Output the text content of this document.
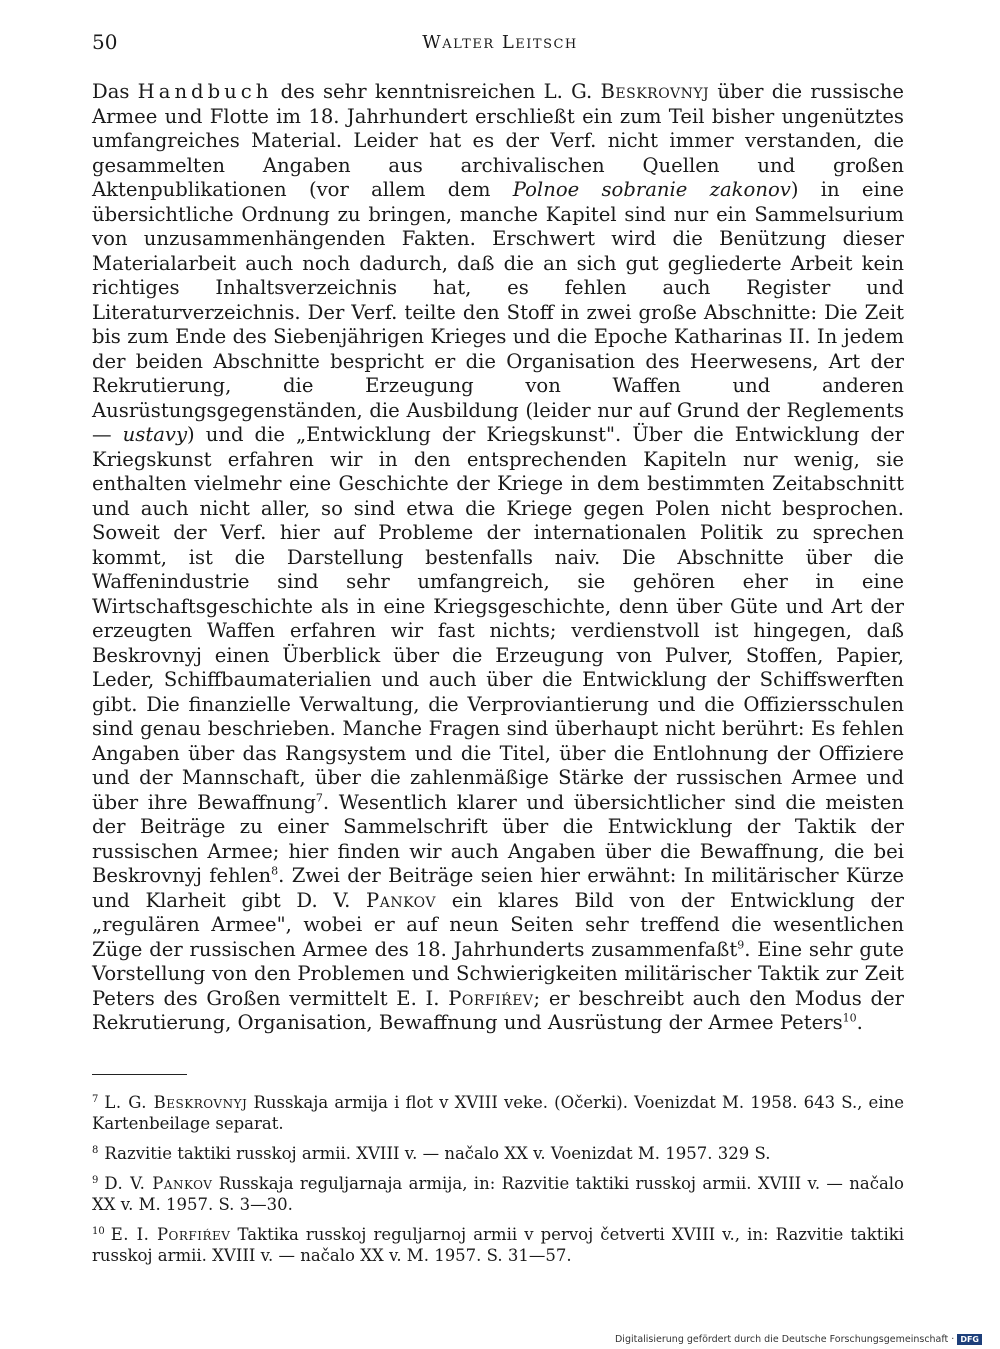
50	Walter Leitsch

Das Handbuch des sehr kenntnisreichen L. G. Beskrovnyj über die russische Armee und Flotte im 18. Jahrhundert erschließt ein zum Teil bisher ungenütztes umfangreiches Material. Leider hat es der Verf. nicht immer verstanden, die gesammelten Angaben aus archivalischen Quellen und großen Aktenpublikationen (vor allem dem Polnoe sobranie zakonov) in eine übersichtliche Ordnung zu bringen, manche Kapitel sind nur ein Sammelsurium von unzusammenhängenden Fakten. Erschwert wird die Benützung dieser Materialarbeit auch noch dadurch, daß die an sich gut gegliederte Arbeit kein richtiges Inhaltsverzeichnis hat, es fehlen auch Register und Literaturverzeichnis. Der Verf. teilte den Stoff in zwei große Abschnitte: Die Zeit bis zum Ende des Siebenjährigen Krieges und die Epoche Katharinas II. In jedem der beiden Abschnitte bespricht er die Organisation des Heerwesens, Art der Rekrutierung, die Erzeugung von Waffen und anderen Ausrüstungsgegenständen, die Ausbildung (leider nur auf Grund der Reglements — ustavy) und die „Entwicklung der Kriegskunst". Über die Entwicklung der Kriegskunst erfahren wir in den entsprechenden Kapiteln nur wenig, sie enthalten vielmehr eine Geschichte der Kriege in dem bestimmten Zeitabschnitt und auch nicht aller, so sind etwa die Kriege gegen Polen nicht besprochen. Soweit der Verf. hier auf Probleme der internationalen Politik zu sprechen kommt, ist die Darstellung bestenfalls naiv. Die Abschnitte über die Waffenindustrie sind sehr umfangreich, sie gehören eher in eine Wirtschaftsgeschichte als in eine Kriegsgeschichte, denn über Güte und Art der erzeugten Waffen erfahren wir fast nichts; verdienstvoll ist hingegen, daß Beskrovnyj einen Überblick über die Erzeugung von Pulver, Stoffen, Papier, Leder, Schiffbaumaterialien und auch über die Entwicklung der Schiffswerften gibt. Die finanzielle Verwaltung, die Verproviantierung und die Offiziersschulen sind genau beschrieben. Manche Fragen sind überhaupt nicht berührt: Es fehlen Angaben über das Rangsystem und die Titel, über die Entlohnung der Offiziere und der Mannschaft, über die zahlenmäßige Stärke der russischen Armee und über ihre Bewaffnung$^7$. Wesentlich klarer und übersichtlicher sind die meisten der Beiträge zu einer Sammelschrift über die Entwicklung der Taktik der russischen Armee; hier finden wir auch Angaben über die Bewaffnung, die bei Beskrovnyj fehlen$^8$. Zwei der Beiträge seien hier erwähnt: In militärischer Kürze und Klarheit gibt D. V. Pankov ein klares Bild von der Entwicklung der „regulären Armee", wobei er auf neun Seiten sehr treffend die wesentlichen Züge der russischen Armee des 18. Jahrhunderts zusammenfaßt$^9$. Eine sehr gute Vorstellung von den Problemen und Schwierigkeiten militärischer Taktik zur Zeit Peters des Großen vermittelt E. I. Porfiŕev; er beschreibt auch den Modus der Rekrutierung, Organisation, Bewaffnung und Ausrüstung der Armee Peters$^{10}$.

$^7$ L. G. Beskrovnyj Russkaja armija i flot v XVIII veke. (Očerki). Voenizdat M. 1958. 643 S., eine Kartenbeilage separat.

$^8$ Razvitie taktiki russkoj armii. XVIII v. — načalo XX v. Voenizdat M. 1957. 329 S.

$^9$ D. V. Pankov Russkaja reguljarnaja armija, in: Razvitie taktiki russkoj armii. XVIII v. — načalo XX v. M. 1957. S. 3—30.

$^{10}$ E. I. Porfiŕev Taktika russkoj reguljarnoj armii v pervoj četverti XVIII v., in: Razvitie taktiki russkoj armii. XVIII v. — načalo XX v. M. 1957. S. 31—57.

Digitalisierung gefördert durch die Deutsche Forschungsgemeinschaft · DFG
